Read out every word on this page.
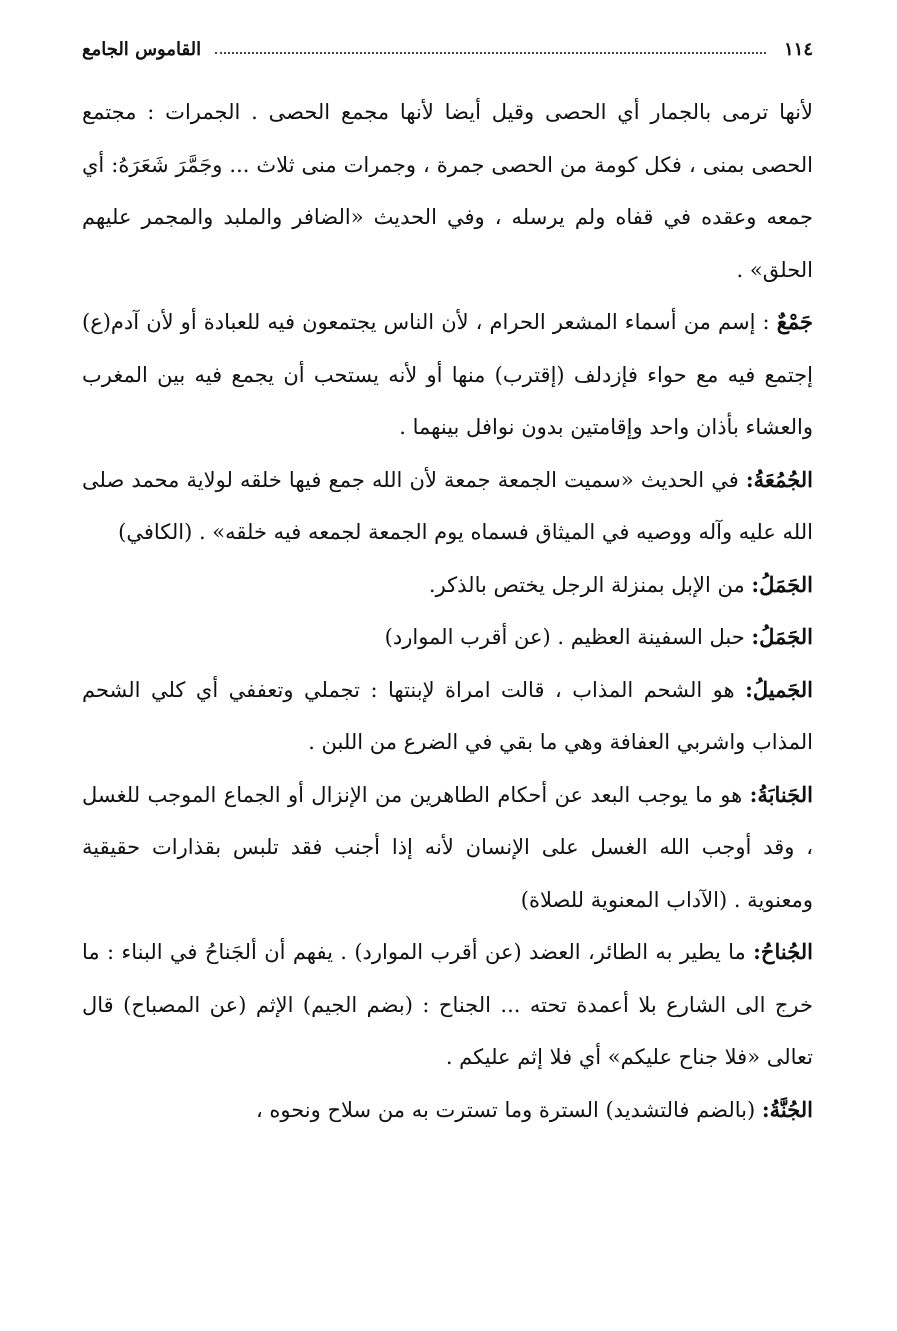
١١٤
القاموس الجامع

لأنها ترمى بالجمار أي الحصى وقيل أيضا لأنها مجمع الحصى . الجمرات : مجتمع الحصى بمنى ، فكل كومة من الحصى جمرة ، وجمرات منى ثلاث ... وجَمَّرَ شَعَرَهُ: أي جمعه وعقده في قفاه ولم يرسله ، وفي الحديث «الضافر والملبد والمجمر عليهم الحلق» .

جَمْعٌ : إسم من أسماء المشعر الحرام ، لأن الناس يجتمعون فيه للعبادة أو لأن آدم(ع) إجتمع فيه مع حواء فإزدلف (إقترب) منها أو لأنه يستحب أن يجمع فيه بين المغرب والعشاء بأذان واحد وإقامتين بدون نوافل بينهما .

الجُمُعَةُ: في الحديث «سميت الجمعة جمعة لأن الله جمع فيها خلقه لولاية محمد صلى الله عليه وآله ووصيه في الميثاق فسماه يوم الجمعة لجمعه فيه خلقه» . (الكافي)

الجَمَلُ: من الإبل بمنزلة الرجل يختص بالذكر.

الجَمَلُ: حبل السفينة العظيم . (عن أقرب الموارد)

الجَميلُ: هو الشحم المذاب ، قالت امراة لإبنتها : تجملي وتعففي أي كلي الشحم المذاب واشربي العفافة وهي ما بقي في الضرع من اللبن .

الجَنابَةُ: هو ما يوجب البعد عن أحكام الطاهرين من الإنزال أو الجماع الموجب للغسل ، وقد أوجب الله الغسل على الإنسان لأنه إذا أجنب فقد تلبس بقذارات حقيقية ومعنوية . (الآداب المعنوية للصلاة)

الجُناحُ: ما يطير به الطائر، العضد (عن أقرب الموارد) . يفهم أن ألجَناحُ في البناء : ما خرج الى الشارع بلا أعمدة تحته ... الجناح : (بضم الجيم) الإثم (عن المصباح) قال تعالى «فلا جناح عليكم» أي فلا إثم عليكم .

الجُنَّةُ: (بالضم فالتشديد) السترة وما تسترت به من سلاح ونحوه ،
